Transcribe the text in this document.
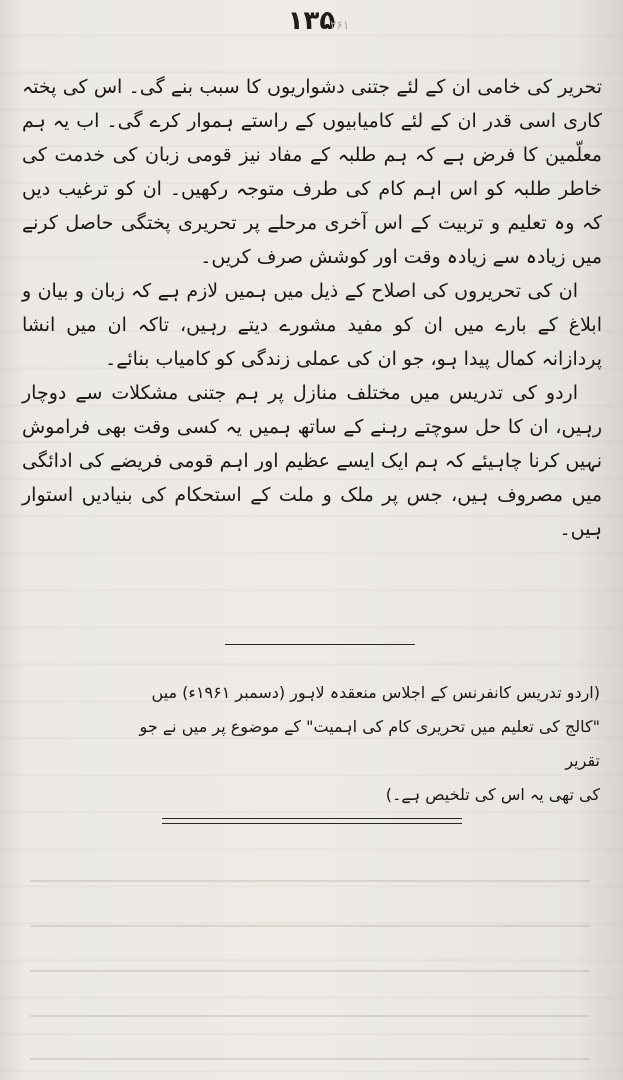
۱۳۵
۲۶۱

تحریر کی خامی ان کے لئے جتنی دشواریوں کا سبب بنے گی۔ اس کی پختہ کاری اسی قدر ان کے لئے کامیابیوں کے راستے ہموار کرے گی۔ اب یہ ہم معلّمین کا فرض ہے کہ ہم طلبہ کے مفاد نیز قومی زبان کی خدمت کی خاطر طلبہ کو اس اہم کام کی طرف متوجہ رکھیں۔ ان کو ترغیب دیں کہ وہ تعلیم و تربیت کے اس آخری مرحلے پر تحریری پختگی حاصل کرنے میں زیادہ سے زیادہ وقت اور کوشش صرف کریں۔

ان کی تحریروں کی اصلاح کے ذیل میں ہمیں لازم ہے کہ زبان و بیان و ابلاغ کے بارے میں ان کو مفید مشورے دیتے رہیں، تاکہ ان میں انشا پردازانہ کمال پیدا ہو، جو ان کی عملی زندگی کو کامیاب بنائے۔

اردو کی تدریس میں مختلف منازل پر ہم جتنی مشکلات سے دوچار رہیں، ان کا حل سوچتے رہنے کے ساتھ ہمیں یہ کسی وقت بھی فراموش نہیں کرنا چاہیئے کہ ہم ایک ایسے عظیم اور اہم قومی فریضے کی ادائگی میں مصروف ہیں، جس پر ملک و ملت کے استحکام کی بنیادیں استوار ہیں۔

(اردو تدریس کانفرنس کے اجلاس منعقدہ لاہور (دسمبر ۱۹۶۱ء) میں

"کالج کی تعلیم میں تحریری کام کی اہمیت" کے موضوع پر میں نے جو تقریر

کی تھی یہ اس کی تلخیص ہے۔)
